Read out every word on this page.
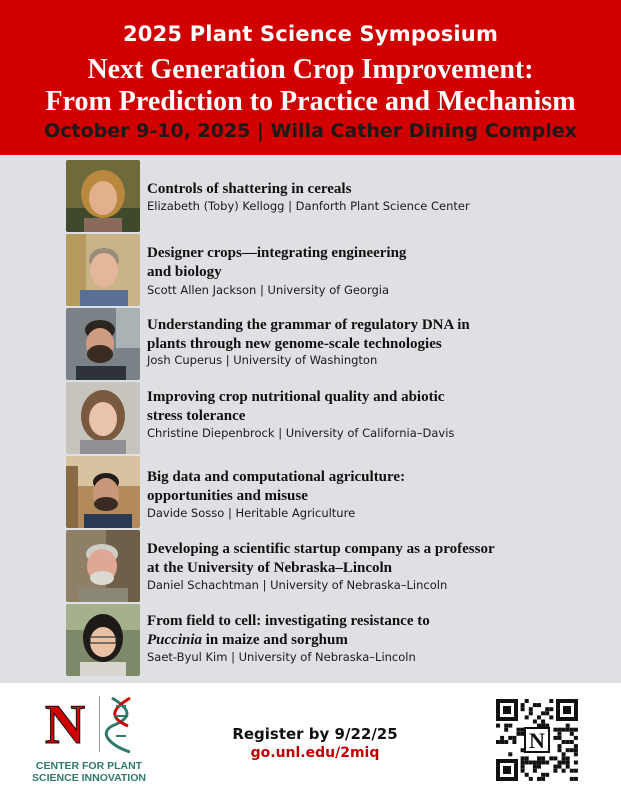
2025 Plant Science Symposium
Next Generation Crop Improvement:
From Prediction to Practice and Mechanism
October 9-10, 2025 | Willa Cather Dining Complex
Controls of shattering in cereals
Elizabeth (Toby) Kellogg | Danforth Plant Science Center
Designer crops—integrating engineering
and biology
Scott Allen Jackson | University of Georgia
Understanding the grammar of regulatory DNA in
plants through new genome-scale technologies
Josh Cuperus | University of Washington
Improving crop nutritional quality and abiotic
stress tolerance
Christine Diepenbrock | University of California–Davis
Big data and computational agriculture:
opportunities and misuse
Davide Sosso | Heritable Agriculture
Developing a scientific startup company as a professor
at the University of Nebraska–Lincoln
Daniel Schachtman | University of Nebraska–Lincoln
From field to cell: investigating resistance to
Puccinia in maize and sorghum
Saet-Byul Kim | University of Nebraska–Lincoln
N
CENTER FOR PLANT
SCIENCE INNOVATION
Register by 9/22/25
go.unl.edu/2miq	N
